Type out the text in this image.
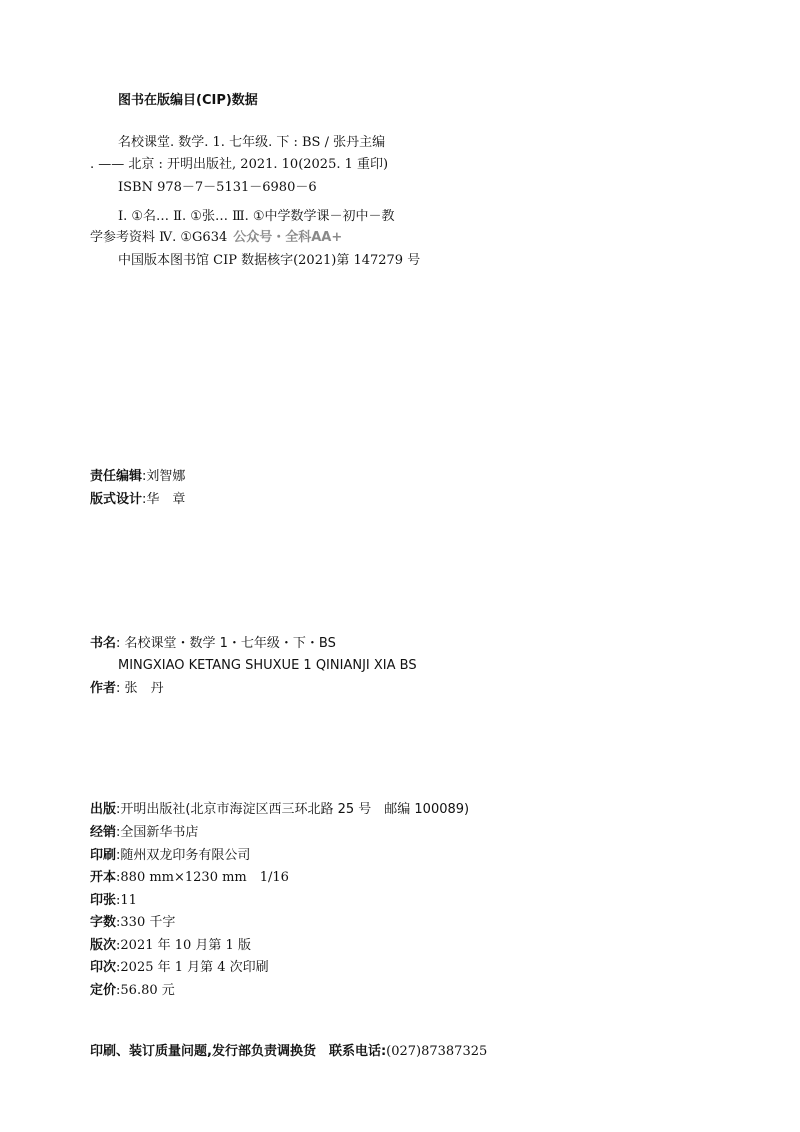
图书在版编目(CIP)数据
名校课堂. 数学. 1. 七年级. 下 : BS / 张丹主编
. —— 北京 : 开明出版社, 2021. 10(2025. 1 重印)
ISBN 978－7－5131－6980－6
Ⅰ. ①名… Ⅱ. ①张… Ⅲ. ①中学数学课－初中－教
学参考资料 Ⅳ. ①G634 公众号・全科AA+
中国版本图书馆 CIP 数据核字(2021)第 147279 号
责任编辑:刘智娜
版式设计:华　章
书名: 名校课堂・数学 1・七年级・下・BS
MINGXIAO KETANG SHUXUE 1 QINIANJI XIA BS
作者: 张　丹
出版:开明出版社(北京市海淀区西三环北路 25 号　邮编 100089)
经销:全国新华书店
印刷:随州双龙印务有限公司
开本:880 mm×1230 mm　1/16
印张:11
字数:330 千字
版次:2021 年 10 月第 1 版
印次:2025 年 1 月第 4 次印刷
定价:56.80 元
印刷、装订质量问题,发行部负责调换货　联系电话:(027)87387325
